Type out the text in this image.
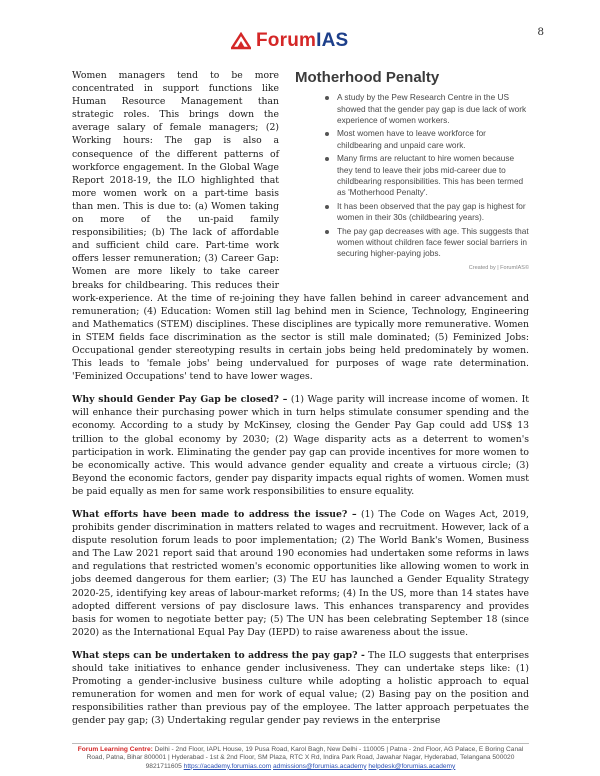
ForumIAS	8

Motherhood Penalty
A study by the Pew Research Centre in the US showed that the gender pay gap is due lack of work experience of women workers.
Most women have to leave workforce for childbearing and unpaid care work.
Many firms are reluctant to hire women because they tend to leave their jobs mid-career due to childbearing responsibilities. This has been termed as 'Motherhood Penalty'.
It has been observed that the pay gap is highest for women in their 30s (childbearing years).
The pay gap decreases with age. This suggests that women without children face fewer social barriers in securing higher-paying jobs.
Created by | ForumIAS©
Women managers tend to be more concentrated in support functions like Human Resource Management than strategic roles. This brings down the average salary of female managers; (2) Working hours: The gap is also a consequence of the different patterns of workforce engagement. In the Global Wage Report 2018-19, the ILO highlighted that more women work on a part-time basis than men. This is due to: (a) Women taking on more of the un-paid family responsibilities; (b) The lack of affordable and sufficient child care. Part-time work offers lesser remuneration; (3) Career Gap: Women are more likely to take career breaks for childbearing. This reduces their work-experience. At the time of re-joining they have fallen behind in career advancement and remuneration; (4) Education: Women still lag behind men in Science, Technology, Engineering and Mathematics (STEM) disciplines. These disciplines are typically more remunerative. Women in STEM fields face discrimination as the sector is still male dominated; (5) Feminized Jobs: Occupational gender stereotyping results in certain jobs being held predominately by women. This leads to 'female jobs' being undervalued for purposes of wage rate determination. 'Feminized Occupations' tend to have lower wages.

Why should Gender Pay Gap be closed? – (1) Wage parity will increase income of women. It will enhance their purchasing power which in turn helps stimulate consumer spending and the economy. According to a study by McKinsey, closing the Gender Pay Gap could add US$ 13 trillion to the global economy by 2030; (2) Wage disparity acts as a deterrent to women's participation in work. Eliminating the gender pay gap can provide incentives for more women to be economically active. This would advance gender equality and create a virtuous circle; (3) Beyond the economic factors, gender pay disparity impacts equal rights of women. Women must be paid equally as men for same work responsibilities to ensure equality.

What efforts have been made to address the issue? – (1) The Code on Wages Act, 2019, prohibits gender discrimination in matters related to wages and recruitment. However, lack of a dispute resolution forum leads to poor implementation; (2) The World Bank's Women, Business and The Law 2021 report said that around 190 economies had undertaken some reforms in laws and regulations that restricted women's economic opportunities like allowing women to work in jobs deemed dangerous for them earlier; (3) The EU has launched a Gender Equality Strategy 2020-25, identifying key areas of labour-market reforms; (4) In the US, more than 14 states have adopted different versions of pay disclosure laws. This enhances transparency and provides basis for women to negotiate better pay; (5) The UN has been celebrating September 18 (since 2020) as the International Equal Pay Day (IEPD) to raise awareness about the issue.

What steps can be undertaken to address the pay gap? - The ILO suggests that enterprises should take initiatives to enhance gender inclusiveness. They can undertake steps like: (1) Promoting a gender-inclusive business culture while adopting a holistic approach to equal remuneration for women and men for work of equal value; (2) Basing pay on the position and responsibilities rather than previous pay of the employee. The latter approach perpetuates the gender pay gap; (3) Undertaking regular gender pay reviews in the enterprise

Forum Learning Centre: Delhi - 2nd Floor, IAPL House, 19 Pusa Road, Karol Bagh, New Delhi - 110005 | Patna - 2nd Floor, AG Palace, E Boring Canal Road, Patna, Bihar 800001 | Hyderabad - 1st & 2nd Floor, SM Plaza, RTC X Rd, Indira Park Road, Jawahar Nagar, Hyderabad, Telangana 500020 9821711605 https://academy.forumias.com admissions@forumias.academy helpdesk@forumias.academy
